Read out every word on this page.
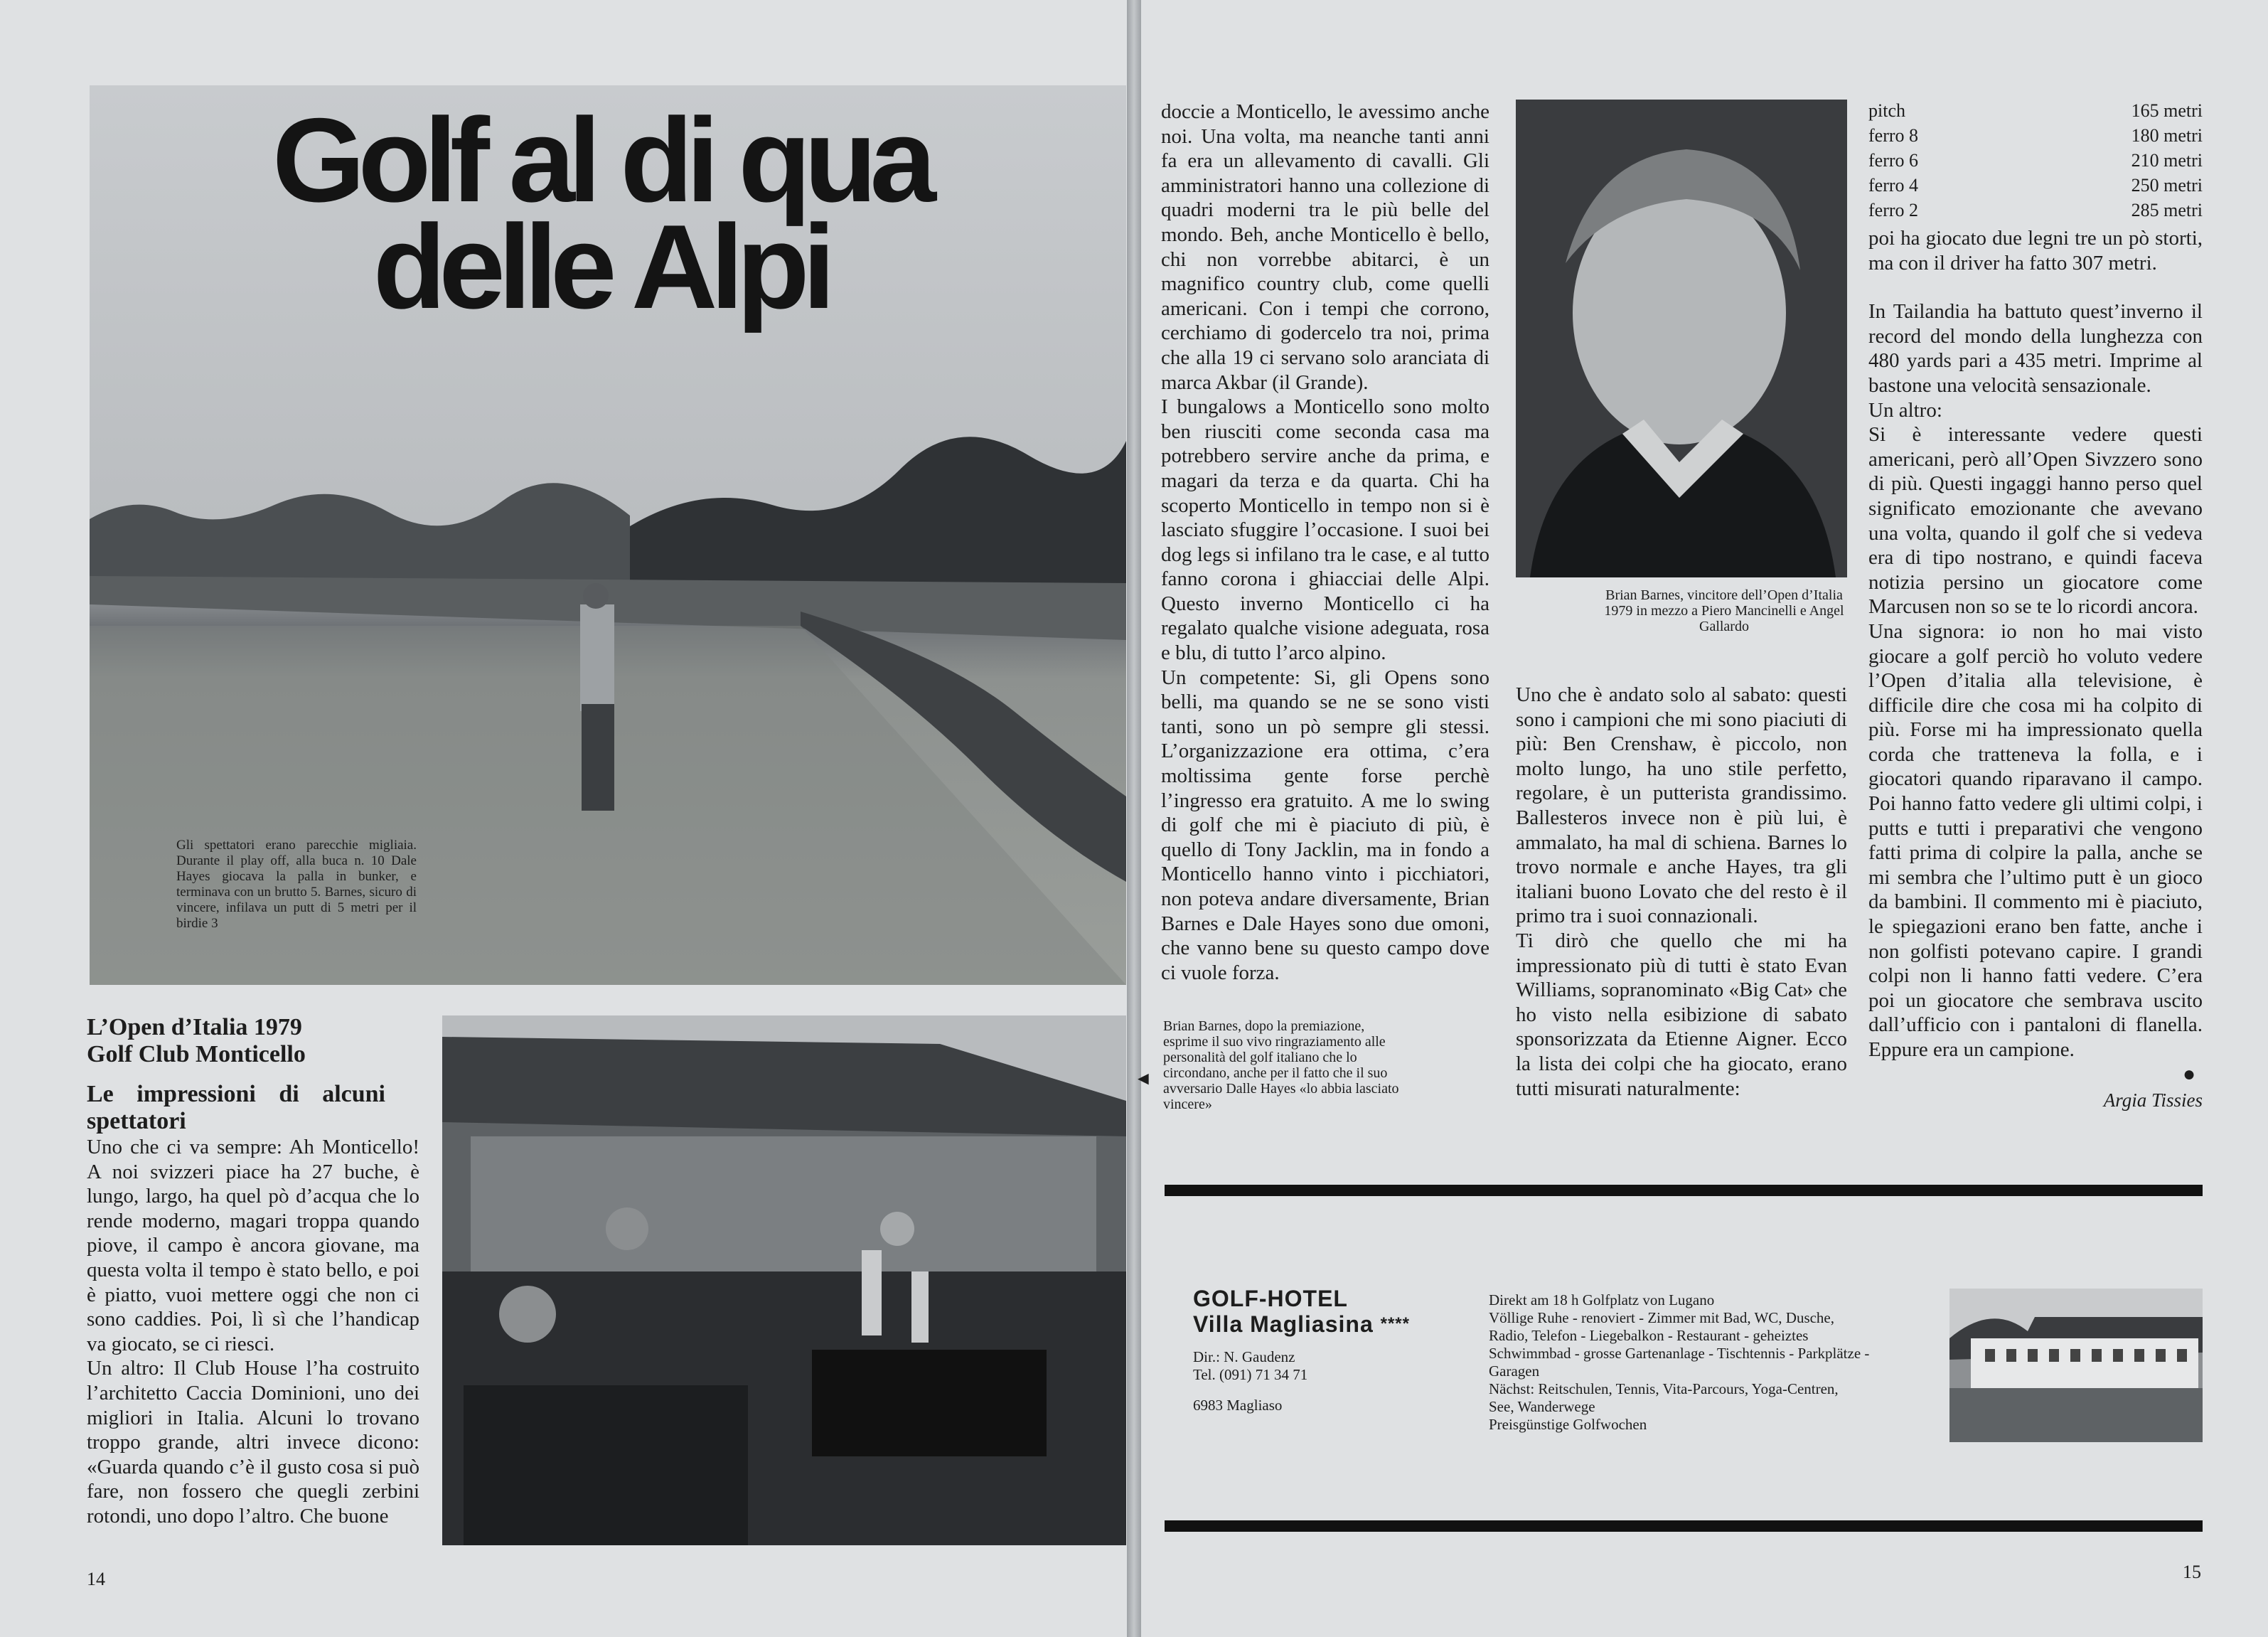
Golf al di qua
delle Alpi
Gli spettatori erano parecchie migliaia. Durante il play off, alla buca n. 10 Dale Hayes giocava la palla in bunker, e terminava con un brutto 5. Barnes, sicuro di vincere, infilava un putt di 5 metri per il birdie 3
L’Open d’Italia 1979
Golf Club Monticello
Le impressioni di alcuni spettatori

Uno che ci va sempre: Ah Monticello! A noi svizzeri piace ha 27 buche, è lungo, largo, ha quel pò d’acqua che lo rende moderno, magari troppa quando piove, il campo è ancora giovane, ma questa volta il tempo è stato bello, e poi è piatto, vuoi mettere oggi che non ci sono caddies. Poi, lì sì che l’handicap va giocato, se ci riesci.

Un altro: Il Club House l’ha costruito l’architetto Caccia Dominioni, uno dei migliori in Italia. Alcuni lo trovano troppo grande, altri invece dicono: «Guarda quando c’è il gusto cosa si può fare, non fossero che quegli zerbini rotondi, uno dopo l’altro. Che buone

14

doccie a Monticello, le avessimo anche noi. Una volta, ma neanche tanti anni fa era un allevamento di cavalli. Gli amministratori hanno una collezione di quadri moderni tra le più belle del mondo. Beh, anche Monticello è bello, chi non vorrebbe abitarci, è un magnifico country club, come quelli americani. Con i tempi che corrono, cerchiamo di godercelo tra noi, prima che alla 19 ci servano solo aranciata di marca Akbar (il Grande).

I bungalows a Monticello sono molto ben riusciti come seconda casa ma potrebbero servire anche da prima, e magari da terza e da quarta. Chi ha scoperto Monticello in tempo non si è lasciato sfuggire l’occasione. I suoi bei dog legs si infilano tra le case, e al tutto fanno corona i ghiacciai delle Alpi. Questo inverno Monticello ci ha regalato qualche visione adeguata, rosa e blu, di tutto l’arco alpino.

Un competente: Si, gli Opens sono belli, ma quando se ne se sono visti tanti, sono un pò sempre gli stessi. L’organizzazione era ottima, c’era moltissima gente forse perchè l’ingresso era gratuito. A me lo swing di golf che mi è piaciuto di più, è quello di Tony Jacklin, ma in fondo a Monticello hanno vinto i picchiatori, non poteva andare diversamente, Brian Barnes e Dale Hayes sono due omoni, che vanno bene su questo campo dove ci vuole forza.

Brian Barnes, dopo la premiazione, esprime il suo vivo ringraziamento alle personalità del golf italiano che lo circondano, anche per il fatto che il suo avversario Dalle Hayes «lo abbia lasciato vincere»
◄
Brian Barnes, vincitore dell’Open d’Italia 1979 in mezzo a Piero Mancinelli e Angel Gallardo

Uno che è andato solo al sabato: questi sono i campioni che mi sono piaciuti di più: Ben Crenshaw, è piccolo, non molto lungo, ha uno stile perfetto, regolare, è un putterista grandissimo. Ballesteros invece non è più lui, è ammalato, ha mal di schiena. Barnes lo trovo normale e anche Hayes, tra gli italiani buono Lovato che del resto è il primo tra i suoi connazionali.

Ti dirò che quello che mi ha impressionato più di tutti è stato Evan Williams, sopranominato «Big Cat» che ho visto nella esibizione di sabato sponsorizzata da Etienne Aigner. Ecco la lista dei colpi che ha giocato, erano tutti misurati naturalmente:

pitch	165 metri
ferro 8	180 metri
ferro 6	210 metri
ferro 4	250 metri
ferro 2	285 metri

poi ha giocato due legni tre un pò storti, ma con il driver ha fatto 307 metri.

In Tailandia ha battuto quest’inverno il record del mondo della lunghezza con 480 yards pari a 435 metri. Imprime al bastone una velocità sensazionale.

Un altro:

Si è interessante vedere questi americani, però all’Open Sivzzero sono di più. Questi ingaggi hanno perso quel significato emozionante che avevano una volta, quando il golf che si vedeva era di tipo nostrano, e quindi faceva notizia persino un giocatore come Marcusen non so se te lo ricordi ancora.

Una signora: io non ho mai visto giocare a golf perciò ho voluto vedere l’Open d’italia alla televisione, è difficile dire che cosa mi ha colpito di più. Forse mi ha impressionato quella corda che tratteneva la folla, e i giocatori quando riparavano il campo. Poi hanno fatto vedere gli ultimi colpi, i putts e tutti i preparativi che vengono fatti prima di colpire la palla, anche se mi sembra che l’ultimo putt è un gioco da bambini. Il commento mi è piaciuto, le spiegazioni erano ben fatte, anche i non golfisti potevano capire. I grandi colpi non li hanno fatti vedere. C’era poi un giocatore che sembrava uscito dall’ufficio con i pantaloni di flanella. Eppure era un campione.

●
Argia Tissies
GOLF-HOTEL
Villa Magliasina ****
Dir.: N. Gaudenz
Tel. (091) 71 34 71
6983 Magliaso
Direkt am 18 h Golfplatz von Lugano
Völlige Ruhe - renoviert - Zimmer mit Bad, WC, Dusche,
Radio, Telefon - Liegebalkon - Restaurant - geheiztes
Schwimmbad - grosse Gartenanlage - Tischtennis - Parkplätze - Garagen
Nächst: Reitschulen, Tennis, Vita-Parcours, Yoga-Centren,
See, Wanderwege
Preisgünstige Golfwochen
15
